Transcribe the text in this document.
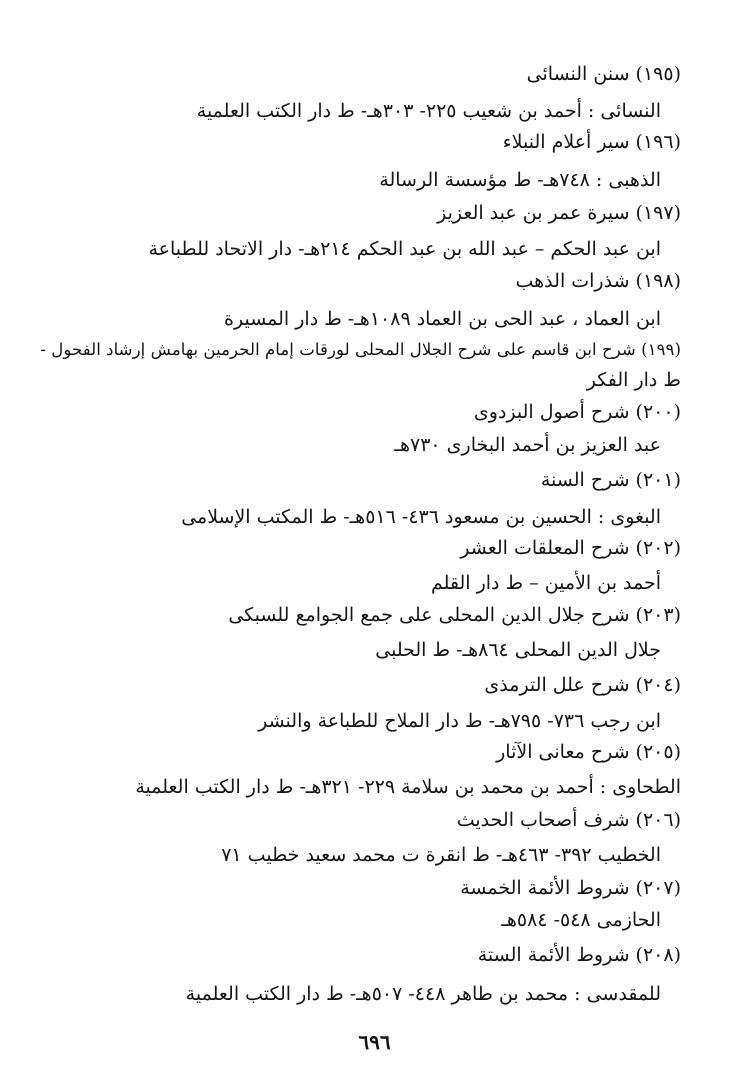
(١٩٥) سنن النسائى
النسائى : أحمد بن شعيب ٢٢٥- ٣٠٣هـ- ط دار الكتب العلمية
(١٩٦) سير أعلام النبلاء
الذهبى : ٧٤٨هـ- ط مؤسسة الرسالة
(١٩٧) سيرة عمر بن عبد العزيز
ابن عبد الحكم – عبد الله بن عبد الحكم ٢١٤هـ- دار الاتحاد للطباعة
(١٩٨) شذرات الذهب
ابن العماد ، عبد الحى بن العماد ١٠٨٩هـ- ط دار المسيرة
(١٩٩) شرح ابن قاسم على شرح الجلال المحلى لورقات إمام الحرمين بهامش إرشاد الفحول -
ط دار الفكر
(٢٠٠) شرح أصول البزدوى
عبد العزيز بن أحمد البخارى ٧٣٠هـ
(٢٠١) شرح السنة
البغوى : الحسين بن مسعود ٤٣٦- ٥١٦هـ- ط المكتب الإسلامى
(٢٠٢) شرح المعلقات العشر
أحمد بن الأمين – ط دار القلم
(٢٠٣) شرح جلال الدين المحلى على جمع الجوامع للسبكى
جلال الدين المحلى ٨٦٤هـ- ط الحلبى
(٢٠٤) شرح علل الترمذى
ابن رجب ٧٣٦- ٧٩٥هـ- ط دار الملاح للطباعة والنشر
(٢٠٥) شرح معانى الآثار
الطحاوى : أحمد بن محمد بن سلامة ٢٢٩- ٣٢١هـ- ط دار الكتب العلمية
(٢٠٦) شرف أصحاب الحديث
الخطيب ٣٩٢- ٤٦٣هـ- ط انقرة ت محمد سعيد خطيب ٧١
(٢٠٧) شروط الأئمة الخمسة
الحازمى ٥٤٨- ٥٨٤هـ
(٢٠٨) شروط الأئمة الستة
للمقدسى : محمد بن طاهر ٤٤٨- ٥٠٧هـ- ط دار الكتب العلمية
٦٩٦
